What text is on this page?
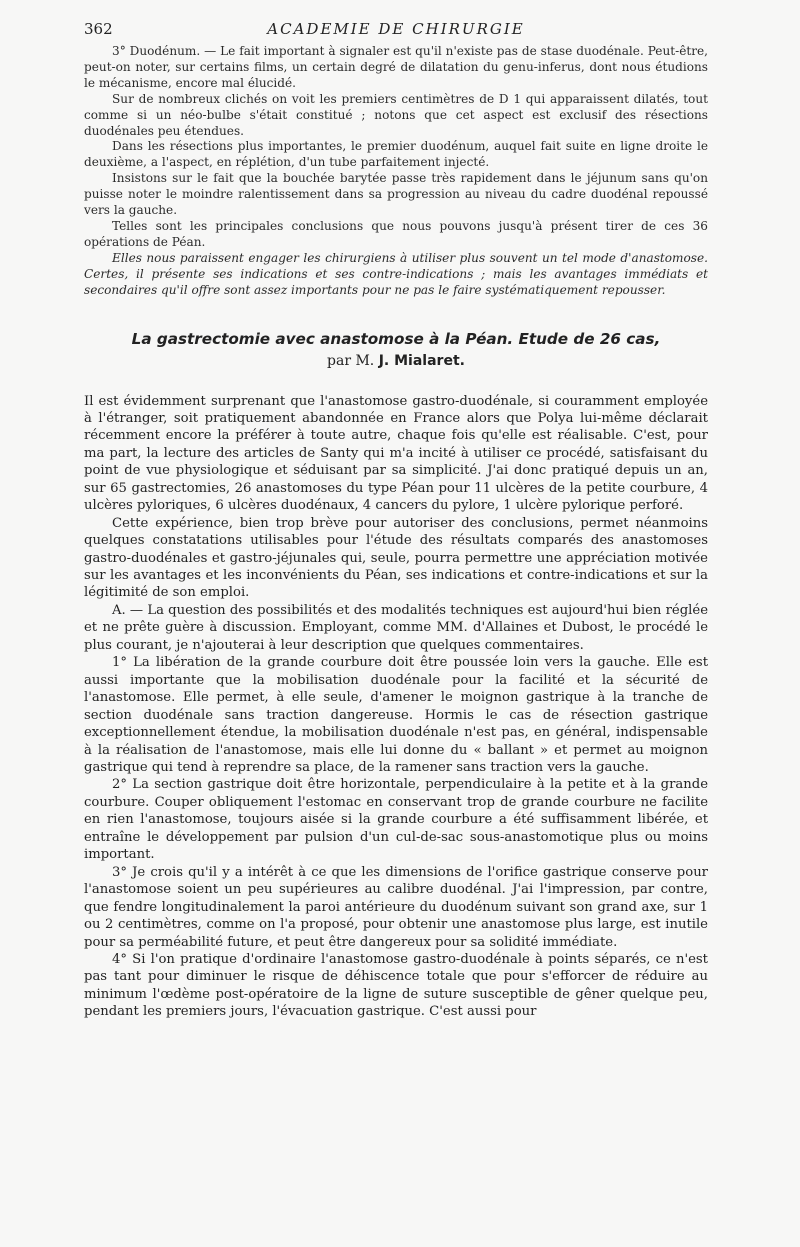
362	ACADEMIE DE CHIRURGIE

3° Duodénum. — Le fait important à signaler est qu'il n'existe pas de stase duodénale. Peut-être, peut-on noter, sur certains films, un certain degré de dilatation du genu-inferus, dont nous étudions le mécanisme, encore mal élucidé.

Sur de nombreux clichés on voit les premiers centimètres de D 1 qui apparaissent dilatés, tout comme si un néo-bulbe s'était constitué ; notons que cet aspect est exclusif des résections duodénales peu étendues.

Dans les résections plus importantes, le premier duodénum, auquel fait suite en ligne droite le deuxième, a l'aspect, en réplétion, d'un tube parfaitement injecté.

Insistons sur le fait que la bouchée barytée passe très rapidement dans le jéjunum sans qu'on puisse noter le moindre ralentissement dans sa progression au niveau du cadre duodénal repoussé vers la gauche.

Telles sont les principales conclusions que nous pouvons jusqu'à présent tirer de ces 36 opérations de Péan.

Elles nous paraissent engager les chirurgiens à utiliser plus souvent un tel mode d'anastomose. Certes, il présente ses indications et ses contre-indications ; mais les avantages immédiats et secondaires qu'il offre sont assez importants pour ne pas le faire systématiquement repousser.

La gastrectomie avec anastomose à la Péan. Etude de 26 cas,
par M. J. Mialaret.

Il est évidemment surprenant que l'anastomose gastro-duodénale, si couramment employée à l'étranger, soit pratiquement abandonnée en France alors que Polya lui-même déclarait récemment encore la préférer à toute autre, chaque fois qu'elle est réalisable. C'est, pour ma part, la lecture des articles de Santy qui m'a incité à utiliser ce procédé, satisfaisant du point de vue physiologique et séduisant par sa simplicité. J'ai donc pratiqué depuis un an, sur 65 gastrectomies, 26 anastomoses du type Péan pour 11 ulcères de la petite courbure, 4 ulcères pyloriques, 6 ulcères duodénaux, 4 cancers du pylore, 1 ulcère pylorique perforé.

Cette expérience, bien trop brève pour autoriser des conclusions, permet néanmoins quelques constatations utilisables pour l'étude des résultats comparés des anastomoses gastro-duodénales et gastro-jéjunales qui, seule, pourra permettre une appréciation motivée sur les avantages et les inconvénients du Péan, ses indications et contre-indications et sur la légitimité de son emploi.

A. — La question des possibilités et des modalités techniques est aujourd'hui bien réglée et ne prête guère à discussion. Employant, comme MM. d'Allaines et Dubost, le procédé le plus courant, je n'ajouterai à leur description que quelques commentaires.

1° La libération de la grande courbure doit être poussée loin vers la gauche. Elle est aussi importante que la mobilisation duodénale pour la facilité et la sécurité de l'anastomose. Elle permet, à elle seule, d'amener le moignon gastrique à la tranche de section duodénale sans traction dangereuse. Hormis le cas de résection gastrique exceptionnellement étendue, la mobilisation duodénale n'est pas, en général, indispensable à la réalisation de l'anastomose, mais elle lui donne du « ballant » et permet au moignon gastrique qui tend à reprendre sa place, de la ramener sans traction vers la gauche.

2° La section gastrique doit être horizontale, perpendiculaire à la petite et à la grande courbure. Couper obliquement l'estomac en conservant trop de grande courbure ne facilite en rien l'anastomose, toujours aisée si la grande courbure a été suffisamment libérée, et entraîne le développement par pulsion d'un cul-de-sac sous-anastomotique plus ou moins important.

3° Je crois qu'il y a intérêt à ce que les dimensions de l'orifice gastrique conserve pour l'anastomose soient un peu supérieures au calibre duodénal. J'ai l'impression, par contre, que fendre longitudinalement la paroi antérieure du duodénum suivant son grand axe, sur 1 ou 2 centimètres, comme on l'a proposé, pour obtenir une anastomose plus large, est inutile pour sa perméabilité future, et peut être dangereux pour sa solidité immédiate.

4° Si l'on pratique d'ordinaire l'anastomose gastro-duodénale à points séparés, ce n'est pas tant pour diminuer le risque de déhiscence totale que pour s'efforcer de réduire au minimum l'œdème post-opératoire de la ligne de suture susceptible de gêner quelque peu, pendant les premiers jours, l'évacuation gastrique. C'est aussi pour
